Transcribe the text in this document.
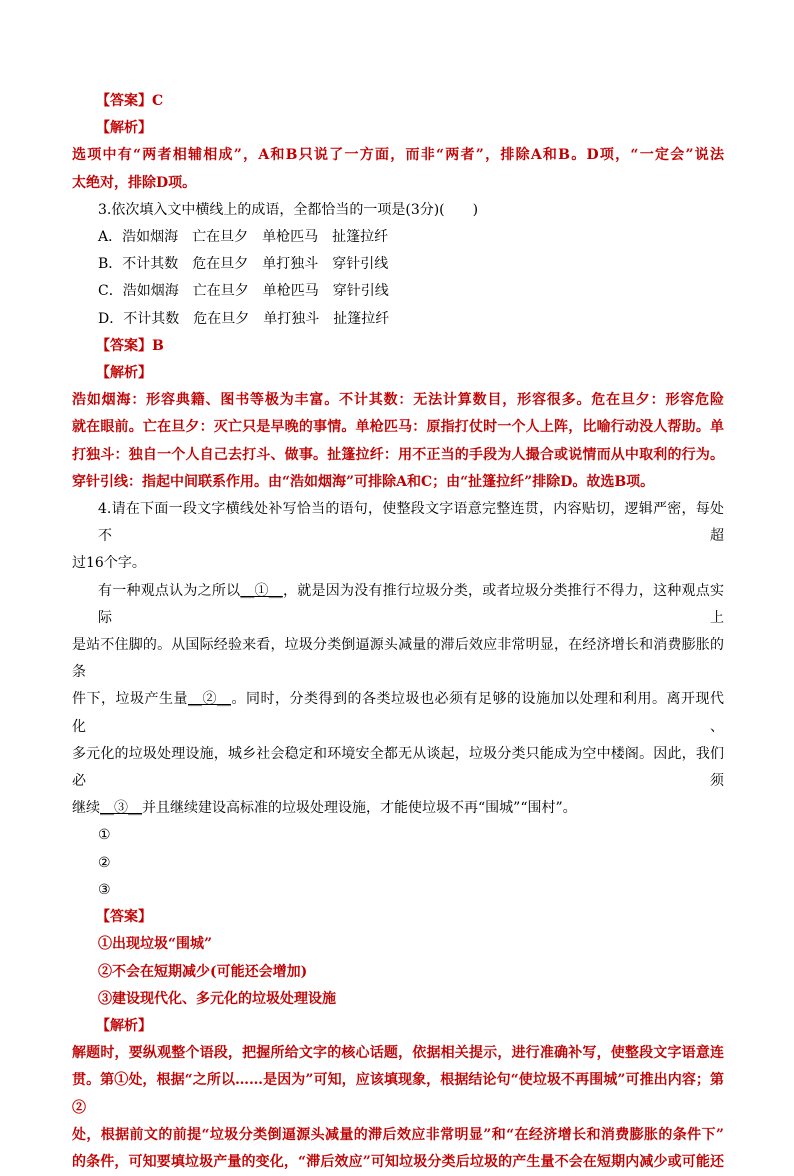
【答案】C
【解析】
选项中有“两者相辅相成”，A和B只说了一方面，而非“两者”，排除A和B。D项，“一定会”说法
太绝对，排除D项。
3.依次填入文中横线上的成语，全都恰当的一项是(3分)(　　)
A．浩如烟海　亡在旦夕　单枪匹马　扯篷拉纤
B．不计其数　危在旦夕　单打独斗　穿针引线
C．浩如烟海　亡在旦夕　单枪匹马　穿针引线
D．不计其数　危在旦夕　单打独斗　扯篷拉纤
【答案】B
【解析】
浩如烟海：形容典籍、图书等极为丰富。不计其数：无法计算数目，形容很多。危在旦夕：形容危险
就在眼前。亡在旦夕：灭亡只是早晚的事情。单枪匹马：原指打仗时一个人上阵，比喻行动没人帮助。单
打独斗：独自一个人自己去打斗、做事。扯篷拉纤：用不正当的手段为人撮合或说情而从中取利的行为。
穿针引线：指起中间联系作用。由“浩如烟海”可排除A和C；由“扯篷拉纤”排除D。故选B项。
4.请在下面一段文字横线处补写恰当的语句，使整段文字语意完整连贯，内容贴切，逻辑严密，每处不超
过16个字。
有一种观点认为之所以__①__，就是因为没有推行垃圾分类，或者垃圾分类推行不得力，这种观点实际上
是站不住脚的。从国际经验来看，垃圾分类倒逼源头减量的滞后效应非常明显，在经济增长和消费膨胀的条
件下，垃圾产生量__②__。同时，分类得到的各类垃圾也必须有足够的设施加以处理和利用。离开现代化、
多元化的垃圾处理设施，城乡社会稳定和环境安全都无从谈起，垃圾分类只能成为空中楼阁。因此，我们必须
继续__③__并且继续建设高标准的垃圾处理设施，才能使垃圾不再“围城”“围村”。
①
②
③
【答案】
①出现垃圾“围城”
②不会在短期减少(可能还会增加)
③建设现代化、多元化的垃圾处理设施
【解析】
解题时，要纵观整个语段，把握所给文字的核心话题，依据相关提示，进行准确补写，使整段文字语意连
贯。第①处，根据“之所以……是因为”可知，应该填现象，根据结论句“使垃圾不再围城”可推出内容；第②
处，根据前文的前提“垃圾分类倒逼源头减量的滞后效应非常明显”和“在经济增长和消费膨胀的条件下”
的条件，可知要填垃圾产量的变化，“滞后效应”可知垃圾分类后垃圾的产生量不会在短期内减少或可能还
